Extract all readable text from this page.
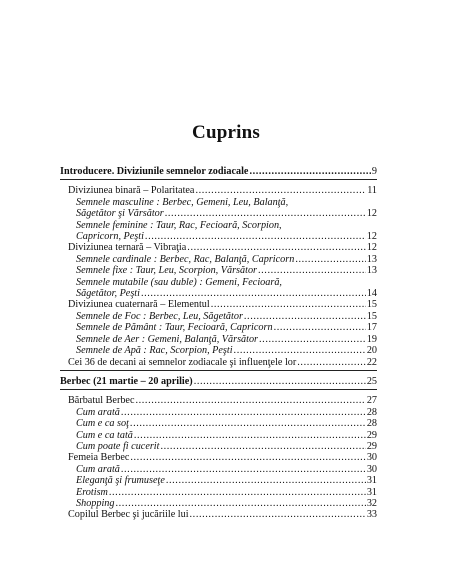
Cuprins
Introducere. Diviziunile semnelor zodiacale .....	9
Diviziunea binară – Polaritatea .....	11
Semnele masculine : Berbec, Gemeni, Leu, Balanţă,
Săgetător şi Vărsător .....	12
Semnele feminine : Taur, Rac, Fecioară, Scorpion,
Capricorn, Peşti .....	12
Diviziunea ternară – Vibraţia .....	12
Semnele cardinale : Berbec, Rac, Balanţă, Capricorn .....	13
Semnele fixe : Taur, Leu, Scorpion, Vărsător .....	13
Semnele mutabile (sau duble) : Gemeni, Fecioară,
Săgetător, Peşti .....	14
Diviziunea cuaternară – Elementul .....	15
Semnele de Foc : Berbec, Leu, Săgetător .....	15
Semnele de Pământ : Taur, Fecioară, Capricorn .....	17
Semnele de Aer : Gemeni, Balanţă, Vărsător .....	19
Semnele de Apă : Rac, Scorpion, Peşti .....	20
Cei 36 de decani ai semnelor zodiacale şi influenţele lor .....	22
Berbec (21 martie – 20 aprilie) .....	25
Bărbatul Berbec .....	27
Cum arată .....	28
Cum e ca soţ .....	28
Cum e ca tată .....	29
Cum poate fi cucerit .....	29
Femeia Berbec .....	30
Cum arată .....	30
Eleganţă şi frumuseţe .....	31
Erotism .....	31
Shopping .....	32
Copilul Berbec şi jucăriile lui .....	33
